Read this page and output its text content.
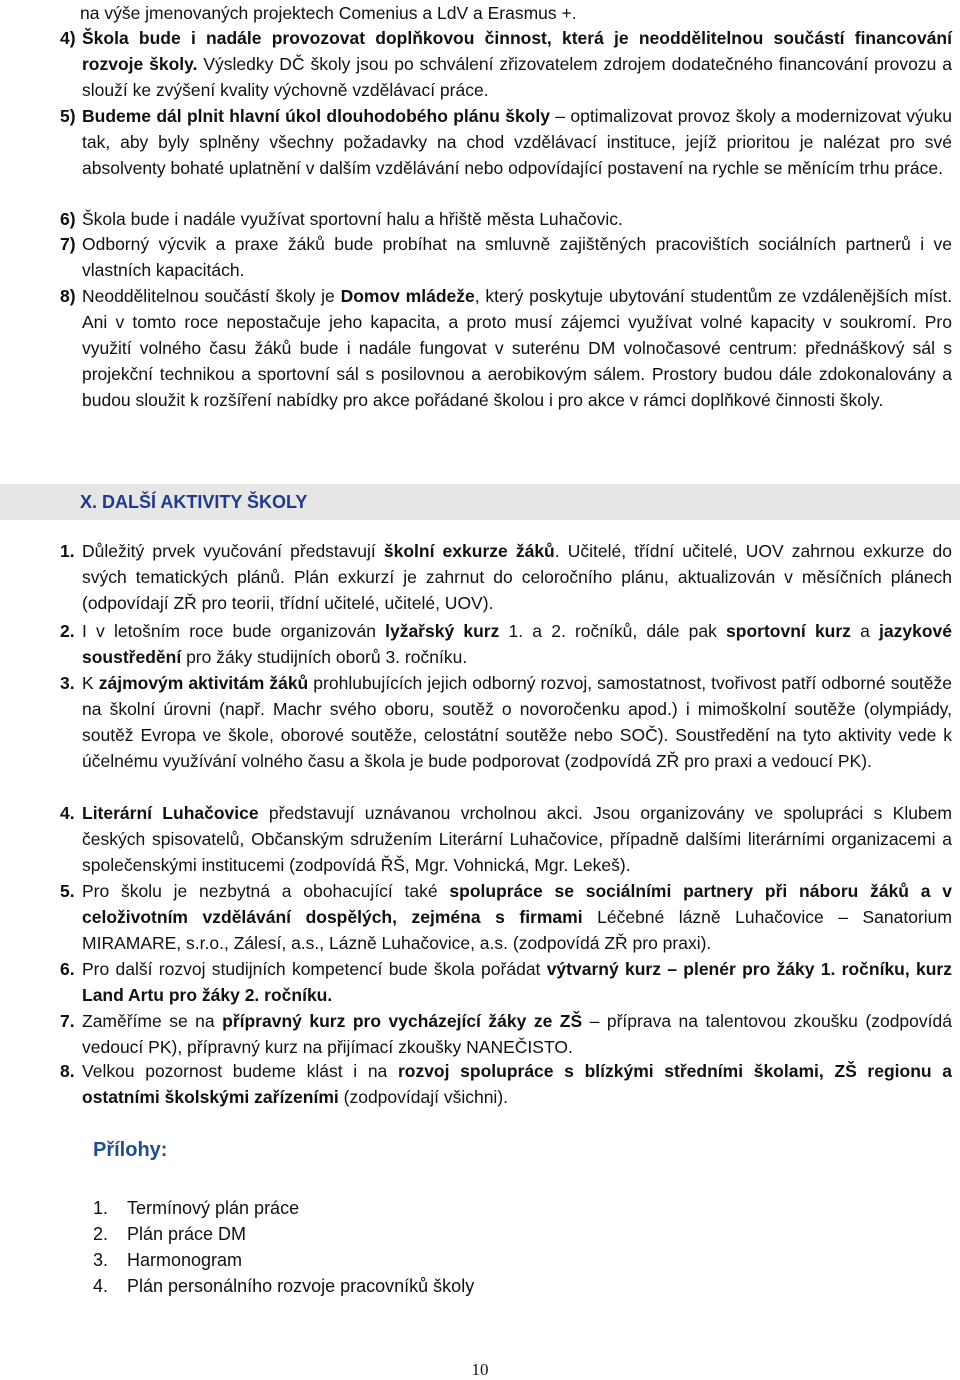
na výše jmenovaných projektech Comenius a LdV a Erasmus +.
4) Škola bude i nadále provozovat doplňkovou činnost, která je neoddělitelnou součástí financování rozvoje školy. Výsledky DČ školy jsou po schválení zřizovatelem zdrojem dodatečného financování provozu a slouží ke zvýšení kvality výchovně vzdělávací práce.
5) Budeme dál plnit hlavní úkol dlouhodobého plánu školy – optimalizovat provoz školy a modernizovat výuku tak, aby byly splněny všechny požadavky na chod vzdělávací instituce, jejíž prioritou je nalézat pro své absolventy bohaté uplatnění v dalším vzdělávání nebo odpovídající postavení na rychle se měnícím trhu práce.
6) Škola bude i nadále využívat sportovní halu a hřiště města Luhačovic.
7) Odborný výcvik a praxe žáků bude probíhat na smluvně zajištěných pracovištích sociálních partnerů i ve vlastních kapacitách.
8) Neoddělitelnou součástí školy je Domov mládeže, který poskytuje ubytování studentům ze vzdálenějších míst. Ani v tomto roce nepostačuje jeho kapacita, a proto musí zájemci využívat volné kapacity v soukromí. Pro využití volného času žáků bude i nadále fungovat v suterénu DM volnočasové centrum: přednáškový sál s projekční technikou a sportovní sál s posilovnou a aerobikovým sálem. Prostory budou dále zdokonalovány a budou sloužit k rozšíření nabídky pro akce pořádané školou i pro akce v rámci doplňkové činnosti školy.
X. DALŠÍ AKTIVITY ŠKOLY
1. Důležitý prvek vyučování představují školní exkurze žáků. Učitelé, třídní učitelé, UOV zahrnou exkurze do svých tematických plánů. Plán exkurzí je zahrnut do celoročního plánu, aktualizován v měsíčních plánech (odpovídají ZŘ pro teorii, třídní učitelé, učitelé, UOV).
2. I v letošním roce bude organizován lyžařský kurz 1. a 2. ročníků, dále pak sportovní kurz a jazykové soustředění pro žáky studijních oborů 3. ročníku.
3. K zájmovým aktivitám žáků prohlubujících jejich odborný rozvoj, samostatnost, tvořivost patří odborné soutěže na školní úrovni (např. Machr svého oboru, soutěž o novoročenku apod.) i mimoškolní soutěže (olympiády, soutěž Evropa ve škole, oborové soutěže, celostátní soutěže nebo SOČ). Soustředění na tyto aktivity vede k účelnému využívání volného času a škola je bude podporovat (zodpovídá ZŘ pro praxi a vedoucí PK).
4. Literární Luhačovice představují uznávanou vrcholnou akci. Jsou organizovány ve spolupráci s Klubem českých spisovatelů, Občanským sdružením Literární Luhačovice, případně dalšími literárními organizacemi a společenskými institucemi (zodpovídá ŘŠ, Mgr. Vohnická, Mgr. Lekeš).
5. Pro školu je nezbytná a obohacující také spolupráce se sociálními partnery při náboru žáků a v celoživotním vzdělávání dospělých, zejména s firmami Léčebné lázně Luhačovice – Sanatorium MIRAMARE, s.r.o., Zálesí, a.s., Lázně Luhačovice, a.s. (zodpovídá ZŘ pro praxi).
6. Pro další rozvoj studijních kompetencí bude škola pořádat výtvarný kurz – plenér pro žáky 1. ročníku, kurz Land Artu pro žáky 2. ročníku.
7. Zaměříme se na přípravný kurz pro vycházející žáky ze ZŠ – příprava na talentovou zkoušku (zodpovídá vedoucí PK), přípravný kurz na přijímací zkoušky NANEČISTO.
8. Velkou pozornost budeme klást i na rozvoj spolupráce s blízkými středními školami, ZŠ regionu a ostatními školskými zařízeními (zodpovídají všichni).
Přílohy:
1. Termínový plán práce
2. Plán práce DM
3. Harmonogram
4. Plán personálního rozvoje pracovníků školy
10
